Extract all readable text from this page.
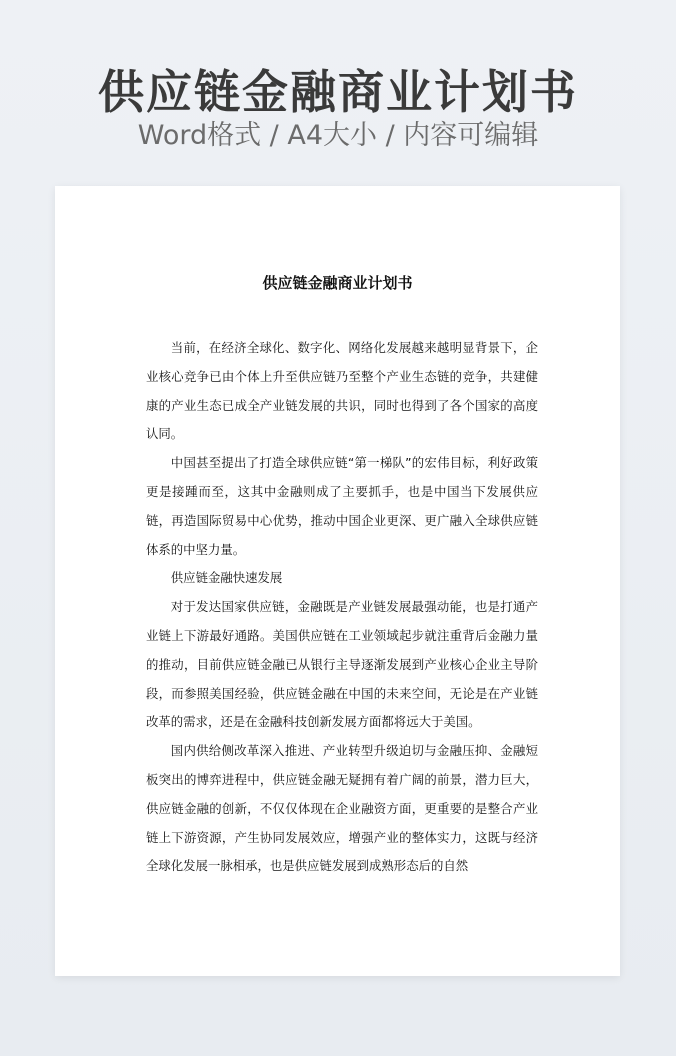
供应链金融商业计划书
Word格式 / A4大小 / 内容可编辑
供应链金融商业计划书

当前，在经济全球化、数字化、网络化发展越来越明显背景下，企业核心竞争已由个体上升至供应链乃至整个产业生态链的竞争，共建健康的产业生态已成全产业链发展的共识，同时也得到了各个国家的高度认同。

中国甚至提出了打造全球供应链“第一梯队”的宏伟目标，利好政策更是接踵而至，这其中金融则成了主要抓手，也是中国当下发展供应链，再造国际贸易中心优势，推动中国企业更深、更广融入全球供应链体系的中坚力量。

供应链金融快速发展

对于发达国家供应链，金融既是产业链发展最强动能，也是打通产业链上下游最好通路。美国供应链在工业领域起步就注重背后金融力量的推动，目前供应链金融已从银行主导逐渐发展到产业核心企业主导阶段，而参照美国经验，供应链金融在中国的未来空间，无论是在产业链改革的需求，还是在金融科技创新发展方面都将远大于美国。

国内供给侧改革深入推进、产业转型升级迫切与金融压抑、金融短板突出的博弈进程中，供应链金融无疑拥有着广阔的前景，潜力巨大，供应链金融的创新，不仅仅体现在企业融资方面，更重要的是整合产业链上下游资源，产生协同发展效应，增强产业的整体实力，这既与经济全球化发展一脉相承，也是供应链发展到成熟形态后的自然
